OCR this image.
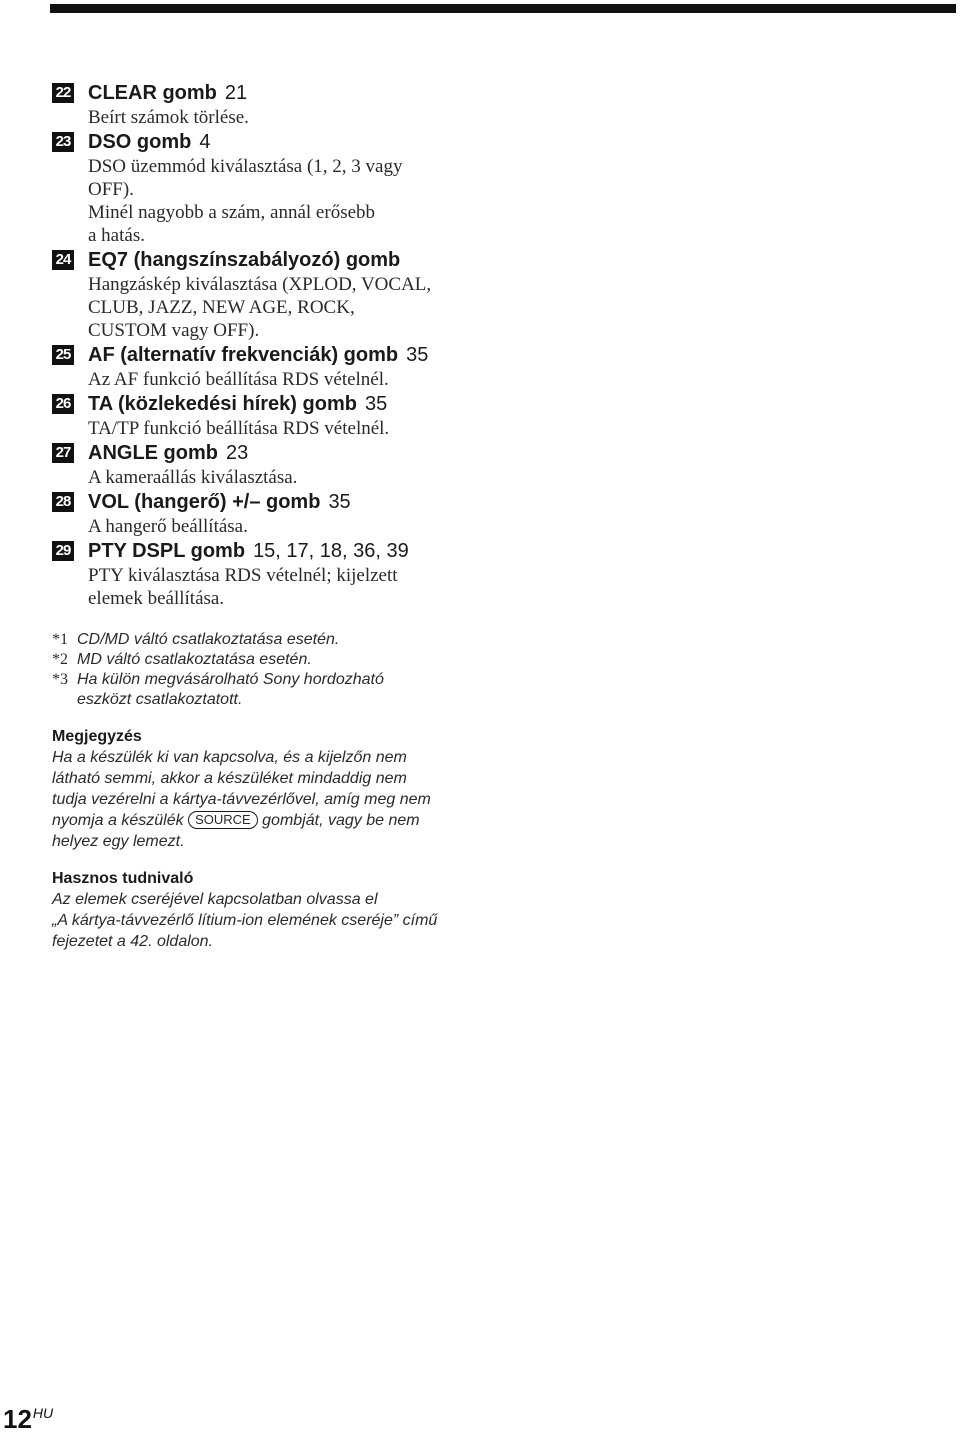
22 CLEAR gomb 21
Beírt számok törlése.
23 DSO gomb 4
DSO üzemmód kiválasztása (1, 2, 3 vagy
OFF).
Minél nagyobb a szám, annál erősebb
a hatás.
24 EQ7 (hangszínszabályozó) gomb
Hangzáskép kiválasztása (XPLOD, VOCAL,
CLUB, JAZZ, NEW AGE, ROCK,
CUSTOM vagy OFF).
25 AF (alternatív frekvenciák) gomb 35
Az AF funkció beállítása RDS vételnél.
26 TA (közlekedési hírek) gomb 35
TA/TP funkció beállítása RDS vételnél.
27 ANGLE gomb 23
A kameraállás kiválasztása.
28 VOL (hangerő) +/– gomb 35
A hangerő beállítása.
29 PTY DSPL gomb 15, 17, 18, 36, 39
PTY kiválasztása RDS vételnél; kijelzett
elemek beállítása.
*1 CD/MD váltó csatlakoztatása esetén.
*2 MD váltó csatlakoztatása esetén.
*3 Ha külön megvásárolható Sony hordozható
eszközt csatlakoztatott.
Megjegyzés
Ha a készülék ki van kapcsolva, és a kijelzőn nem
látható semmi, akkor a készüléket mindaddig nem
tudja vezérelni a kártya-távvezérlővel, amíg meg nem
nyomja a készülék SOURCE gombját, vagy be nem
helyez egy lemezt.
Hasznos tudnivaló
Az elemek cseréjével kapcsolatban olvassa el
„A kártya-távvezérlő lítium-ion elemének cseréje” című
fejezetet a 42. oldalon.
12HU
